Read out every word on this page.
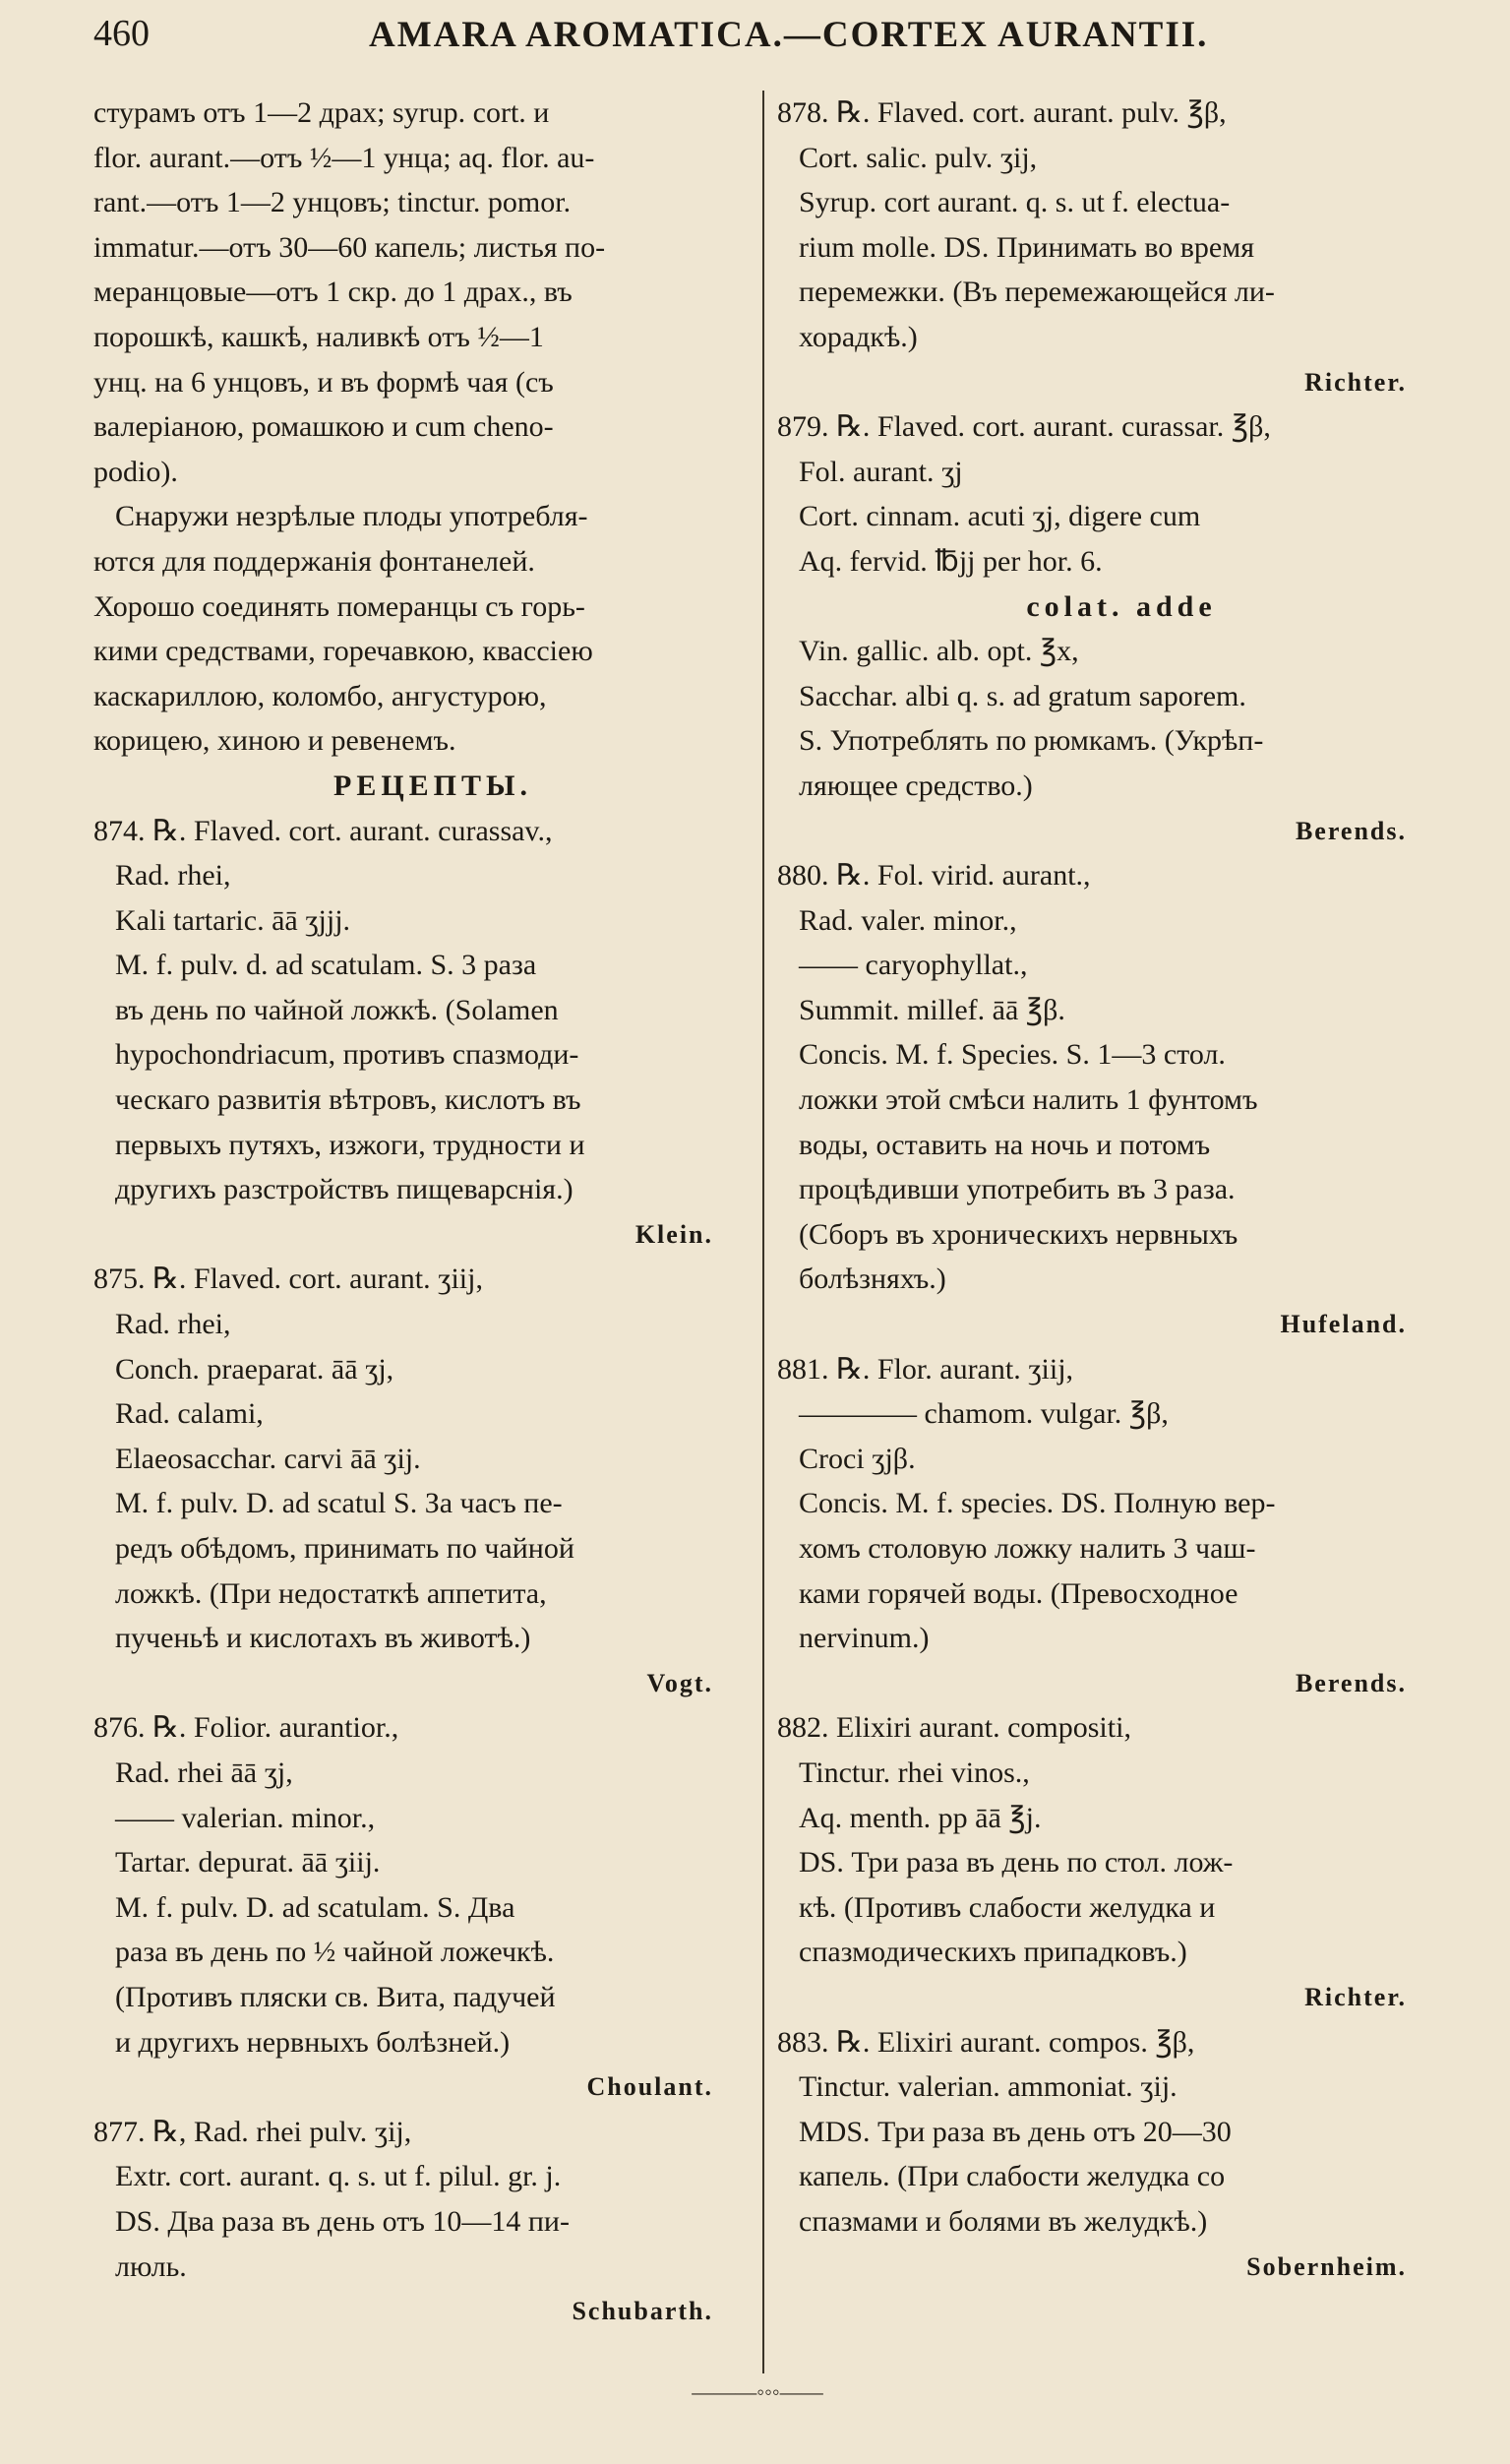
460	AMARA AROMATICA.—CORTEX AURANTII.
стурамъ отъ 1—2 драх; syrup. cort. и
flor. aurant.—отъ ½—1 унца; aq. flor. au-
rant.—отъ 1—2 унцовъ; tinctur. pomor.
immatur.—отъ 30—60 капель; листья по-
меранцовые—отъ 1 скр. до 1 драх., въ
порошкѣ, кашкѣ, наливкѣ отъ ½—1
унц. на 6 унцовъ, и въ формѣ чая (съ
валеріаною, ромашкою и cum cheno-
podio).
Снаружи незрѣлые плоды употребля-
ются для поддержанія фонтанелей.
Хорошо соединять померанцы съ горь-
кими средствами, горечавкою, квассіею
каскариллою, коломбо, ангустурою,
корицею, хиною и ревенемъ.
РЕЦЕПТЫ.
874. ℞. Flaved. cort. aurant. curassav.,
Rad. rhei,
Kali tartaric. āā ʒjjj.
M. f. pulv. d. ad scatulam. S. 3 раза
въ день по чайной ложкѣ. (Solamen
hypochondriacum, противъ спазмоди-
ческаго развитія вѣтровъ, кислотъ въ
первыхъ путяхъ, изжоги, трудности и
другихъ разстройствъ пищеварснія.)
Klein.
875. ℞. Flaved. cort. aurant. ʒiij,
Rad. rhei,
Conch. praeparat. āā ʒj,
Rad. calami,
Elaeosacchar. carvi āā ʒij.
M. f. pulv. D. ad scatul S. За часъ пе-
редъ обѣдомъ, принимать по чайной
ложкѣ. (При недостаткѣ аппетита,
пученьѣ и кислотахъ въ животѣ.)
Vogt.
876. ℞. Folior. aurantior.,
Rad. rhei āā ʒj,
—— valerian. minor.,
Tartar. depurat. āā ʒiij.
M. f. pulv. D. ad scatulam. S. Два
раза въ день по ½ чайной ложечкѣ.
(Противъ пляски св. Вита, падучей
и другихъ нервныхъ болѣзней.)
Choulant.
877. ℞, Rad. rhei pulv. ʒij,
Extr. cort. aurant. q. s. ut f. pilul. gr. j.
DS. Два раза въ день отъ 10—14 пи-
люль.
Schubarth.
878. ℞. Flaved. cort. aurant. pulv. ℥β,
Cort. salic. pulv. ʒij,
Syrup. cort aurant. q. s. ut f. electua-
rium molle. DS. Принимать во время
перемежки. (Въ перемежающейся ли-
хорадкѣ.)
Richter.
879. ℞. Flaved. cort. aurant. curassar. ℥β,
Fol. aurant. ʒj
Cort. cinnam. acuti ʒj, digere cum
Aq. fervid. ℔jj per hor. 6.
colat. adde
Vin. gallic. alb. opt. ℥x,
Sacchar. albi q. s. ad gratum saporem.
S. Употреблять по рюмкамъ. (Укрѣп-
ляющее средство.)
Berends.
880. ℞. Fol. virid. aurant.,
Rad. valer. minor.,
—— caryophyllat.,
Summit. millef. āā ℥β.
Concis. M. f. Species. S. 1—3 стол.
ложки этой смѣси налить 1 фунтомъ
воды, оставить на ночь и потомъ
процѣдивши употребить въ 3 раза.
(Сборъ въ хроническихъ нервныхъ
болѣзняхъ.)
Hufeland.
881. ℞. Flor. aurant. ʒiij,
———— chamom. vulgar. ℥β,
Croci ʒjβ.
Concis. M. f. species. DS. Полную вер-
хомъ столовую ложку налить 3 чаш-
ками горячей воды. (Превосходное
nervinum.)
Berends.
882. Elixiri aurant. compositi,
Tinctur. rhei vinos.,
Aq. menth. pp āā ℥j.
DS. Три раза въ день по стол. лож-
кѣ. (Противъ слабости желудка и
спазмодическихъ припадковъ.)
Richter.
883. ℞. Elixiri aurant. compos. ℥β,
Tinctur. valerian. ammoniat. ʒij.
MDS. Три раза въ день отъ 20—30
капель. (При слабости желудка со
спазмами и болями въ желудкѣ.)
Sobernheim.
———◦◦◦——
